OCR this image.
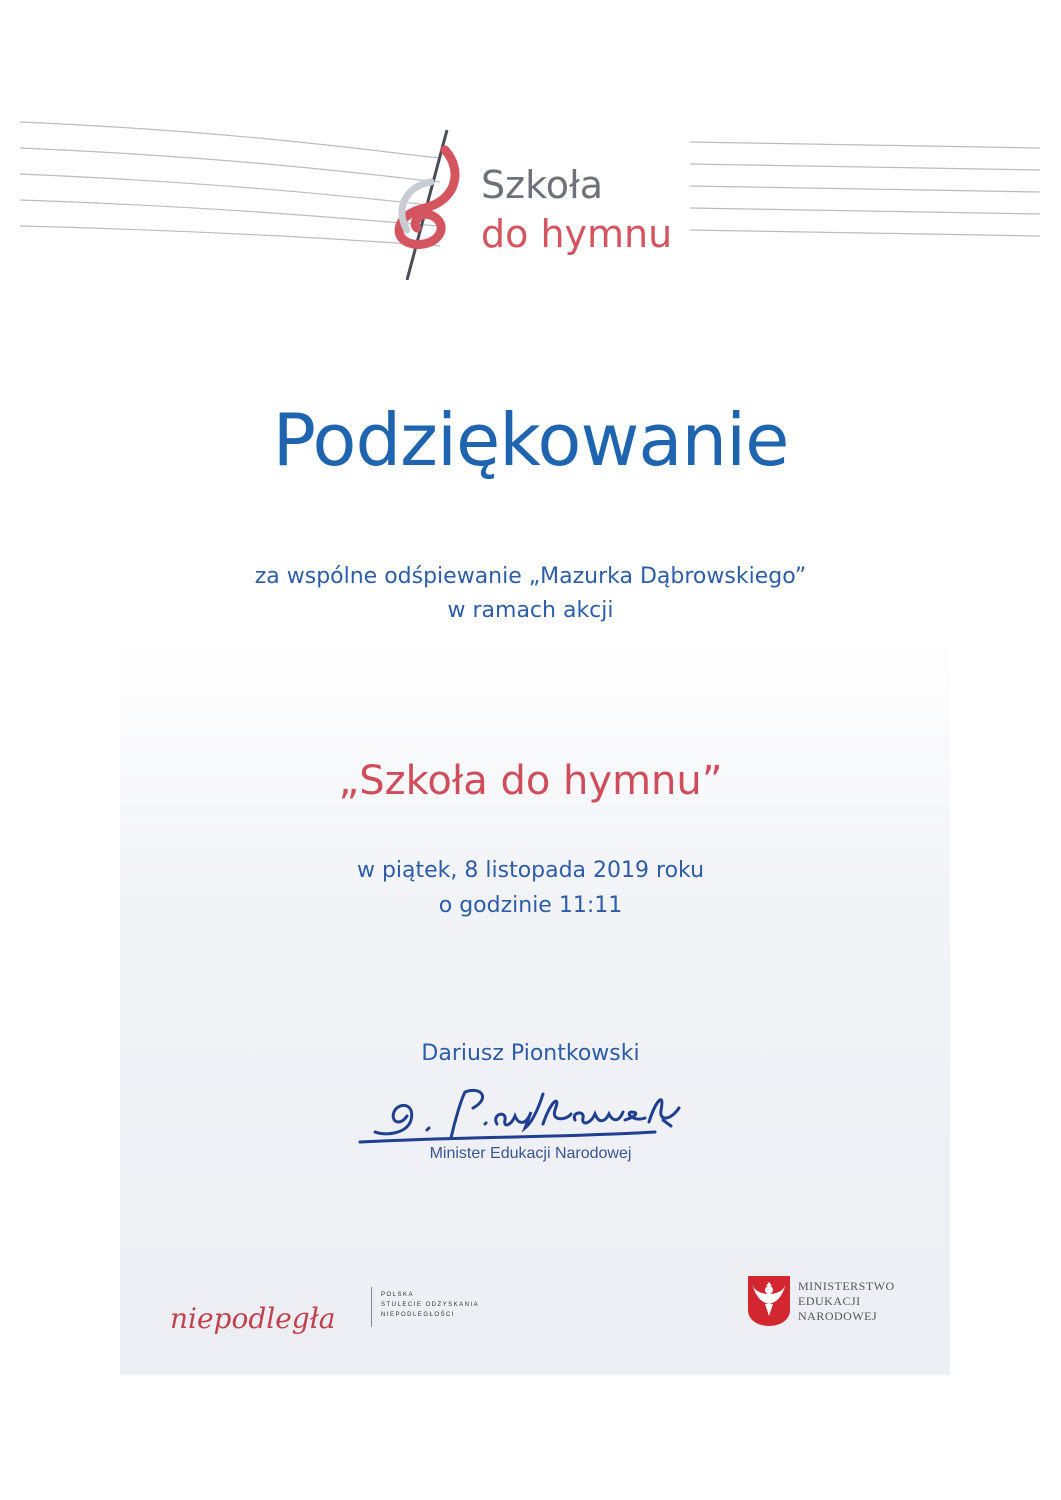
Szkoła
do hymnu
Podziękowanie
za wspólne odśpiewanie „Mazurka Dąbrowskiego”
w ramach akcji
„Szkoła do hymnu”
w piątek, 8 listopada 2019 roku
o godzinie 11:11
Dariusz Piontkowski
Minister Edukacji Narodowej
niepodległa
POLSKA
STULECIE ODZYSKANIA
NIEPODLEGŁOŚCI
MINISTERSTWO
EDUKACJI
NARODOWEJ
